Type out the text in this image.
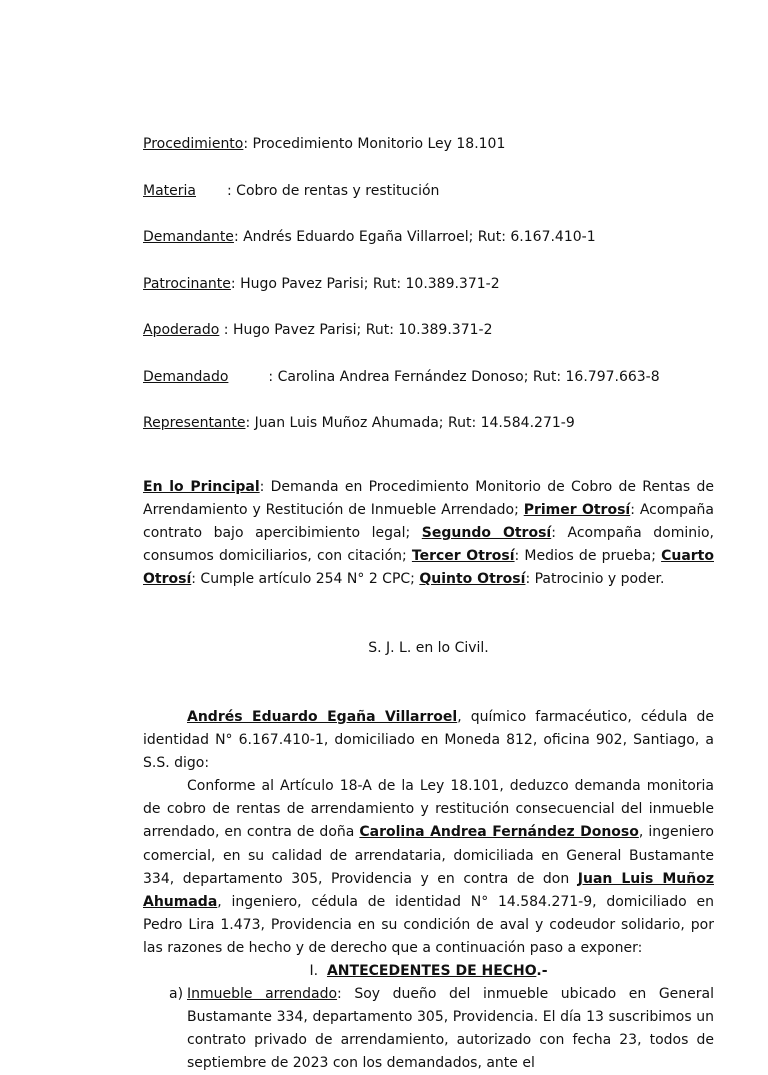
Procedimiento: Procedimiento Monitorio Ley 18.101

Materia : Cobro de rentas y restitución

Demandante: Andrés Eduardo Egaña Villarroel; Rut: 6.167.410-1

Patrocinante: Hugo Pavez Parisi; Rut: 10.389.371-2

Apoderado : Hugo Pavez Parisi; Rut: 10.389.371-2

Demandado	: Carolina Andrea Fernández Donoso; Rut: 16.797.663-8

Representante: Juan Luis Muñoz Ahumada; Rut: 14.584.271-9

En lo Principal: Demanda en Procedimiento Monitorio de Cobro de Rentas de Arrendamiento y Restitución de Inmueble Arrendado; Primer Otrosí: Acompaña contrato bajo apercibimiento legal; Segundo Otrosí: Acompaña dominio, consumos domiciliarios, con citación; Tercer Otrosí: Medios de prueba; Cuarto Otrosí: Cumple artículo 254 N° 2 CPC; Quinto Otrosí: Patrocinio y poder.
S. J. L. en lo Civil.

Andrés Eduardo Egaña Villarroel, químico farmacéutico, cédula de identidad N° 6.167.410-1, domiciliado en Moneda 812, oficina 902, Santiago, a S.S. digo:

Conforme al Artículo 18-A de la Ley 18.101, deduzco demanda monitoria de cobro de rentas de arrendamiento y restitución consecuencial del inmueble arrendado, en contra de doña Carolina Andrea Fernández Donoso, ingeniero comercial, en su calidad de arrendataria, domiciliada en General Bustamante 334, departamento 305, Providencia y en contra de don Juan Luis Muñoz Ahumada, ingeniero, cédula de identidad N° 14.584.271-9, domiciliado en Pedro Lira 1.473, Providencia en su condición de aval y codeudor solidario, por las razones de hecho y de derecho que a continuación paso a exponer:

I. ANTECEDENTES DE HECHO.-
a) Inmueble arrendado: Soy dueño del inmueble ubicado en General Bustamante 334, departamento 305, Providencia. El día 13 suscribimos un contrato privado de arrendamiento, autorizado con fecha 23, todos de septiembre de 2023 con los demandados, ante el
